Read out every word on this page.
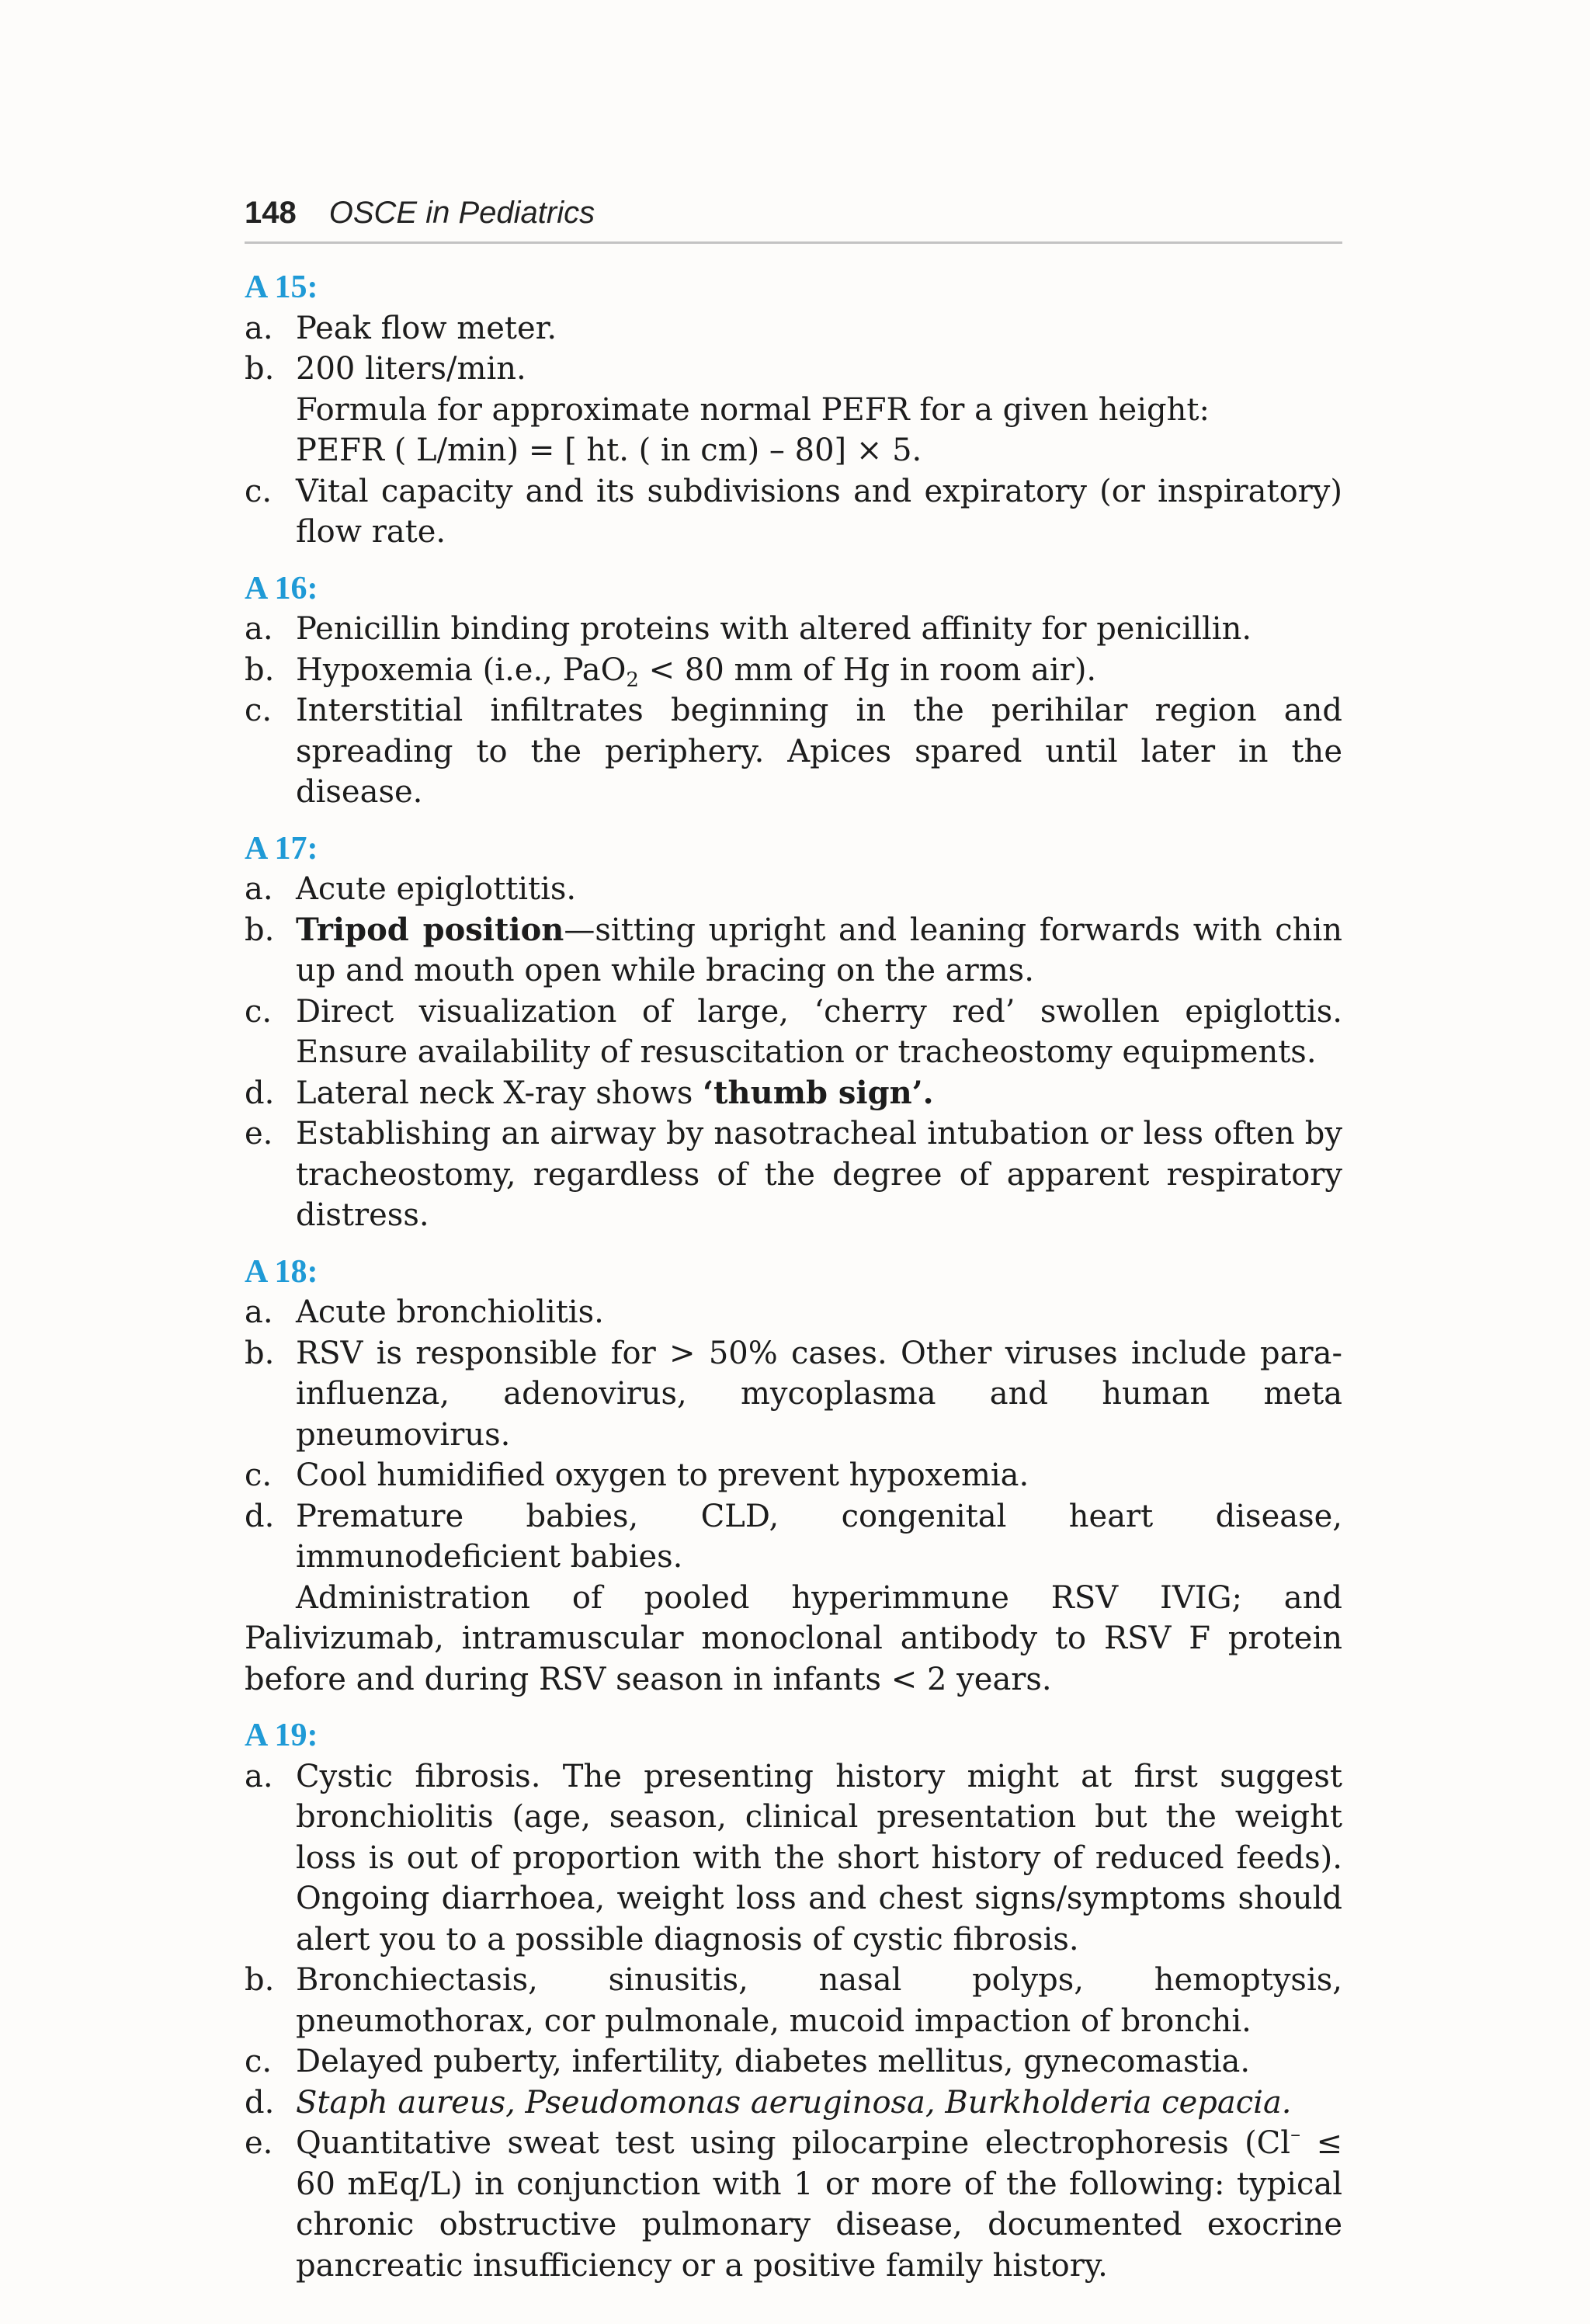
148 OSCE in Pediatrics
A 15:
a. Peak flow meter.
b. 200 liters/min.
Formula for approximate normal PEFR for a given height:
PEFR ( L/min) = [ ht. ( in cm) – 80] × 5.
c. Vital capacity and its subdivisions and expiratory (or inspiratory) flow rate.
A 16:
a. Penicillin binding proteins with altered affinity for penicillin.
b. Hypoxemia (i.e., PaO$_2$ < 80 mm of Hg in room air).
c. Interstitial infiltrates beginning in the perihilar region and spreading to the periphery. Apices spared until later in the disease.
A 17:
a. Acute epiglottitis.
b. Tripod position—sitting upright and leaning forwards with chin up and mouth open while bracing on the arms.
c. Direct visualization of large, ‘cherry red’ swollen epiglottis. Ensure availability of resuscitation or tracheostomy equipments.
d. Lateral neck X-ray shows ‘thumb sign’.
e. Establishing an airway by nasotracheal intubation or less often by tracheostomy, regardless of the degree of apparent respiratory distress.
A 18:
a. Acute bronchiolitis.
b. RSV is responsible for > 50% cases. Other viruses include para-influenza, adenovirus, mycoplasma and human meta pneumovirus.
c. Cool humidified oxygen to prevent hypoxemia.
d. Premature babies, CLD, congenital heart disease, immunodeficient babies.
Administration of pooled hyperimmune RSV IVIG; and Palivizumab, intramuscular monoclonal antibody to RSV F protein before and during RSV season in infants < 2 years.
A 19:
a. Cystic fibrosis. The presenting history might at first suggest bronchiolitis (age, season, clinical presentation but the weight loss is out of proportion with the short history of reduced feeds). Ongoing diarrhoea, weight loss and chest signs/symptoms should alert you to a possible diagnosis of cystic fibrosis.
b. Bronchiectasis, sinusitis, nasal polyps, hemoptysis, pneumothorax, cor pulmonale, mucoid impaction of bronchi.
c. Delayed puberty, infertility, diabetes mellitus, gynecomastia.
d. Staph aureus, Pseudomonas aeruginosa, Burkholderia cepacia.
e. Quantitative sweat test using pilocarpine electrophoresis (Cl– ≤ 60 mEq/L) in conjunction with 1 or more of the following: typical chronic obstructive pulmonary disease, documented exocrine pancreatic insufficiency or a positive family history.
